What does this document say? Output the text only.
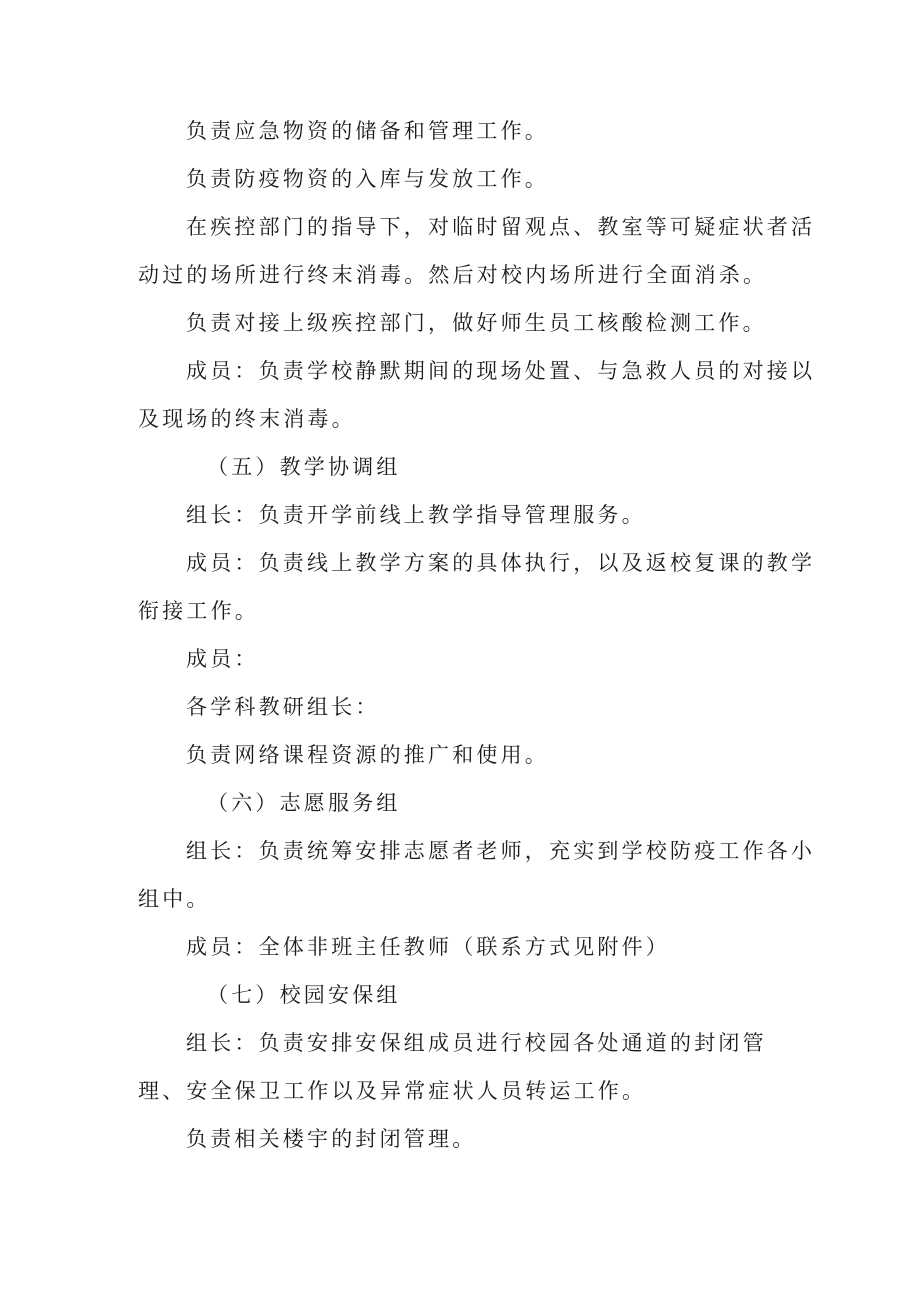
负责应急物资的储备和管理工作。

负责防疫物资的入库与发放工作。

在疾控部门的指导下，对临时留观点、教室等可疑症状者活
动过的场所进行终末消毒。然后对校内场所进行全面消杀。

负责对接上级疾控部门，做好师生员工核酸检测工作。

成员：负责学校静默期间的现场处置、与急救人员的对接以
及现场的终末消毒。

（五）教学协调组

组长：负责开学前线上教学指导管理服务。

成员：负责线上教学方案的具体执行，以及返校复课的教学
衔接工作。

成员：

各学科教研组长：

负责网络课程资源的推广和使用。

（六）志愿服务组

组长：负责统筹安排志愿者老师，充实到学校防疫工作各小
组中。

成员：全体非班主任教师（联系方式见附件）

（七）校园安保组

组长：负责安排安保组成员进行校园各处通道的封闭管
理、安全保卫工作以及异常症状人员转运工作。

负责相关楼宇的封闭管理。
